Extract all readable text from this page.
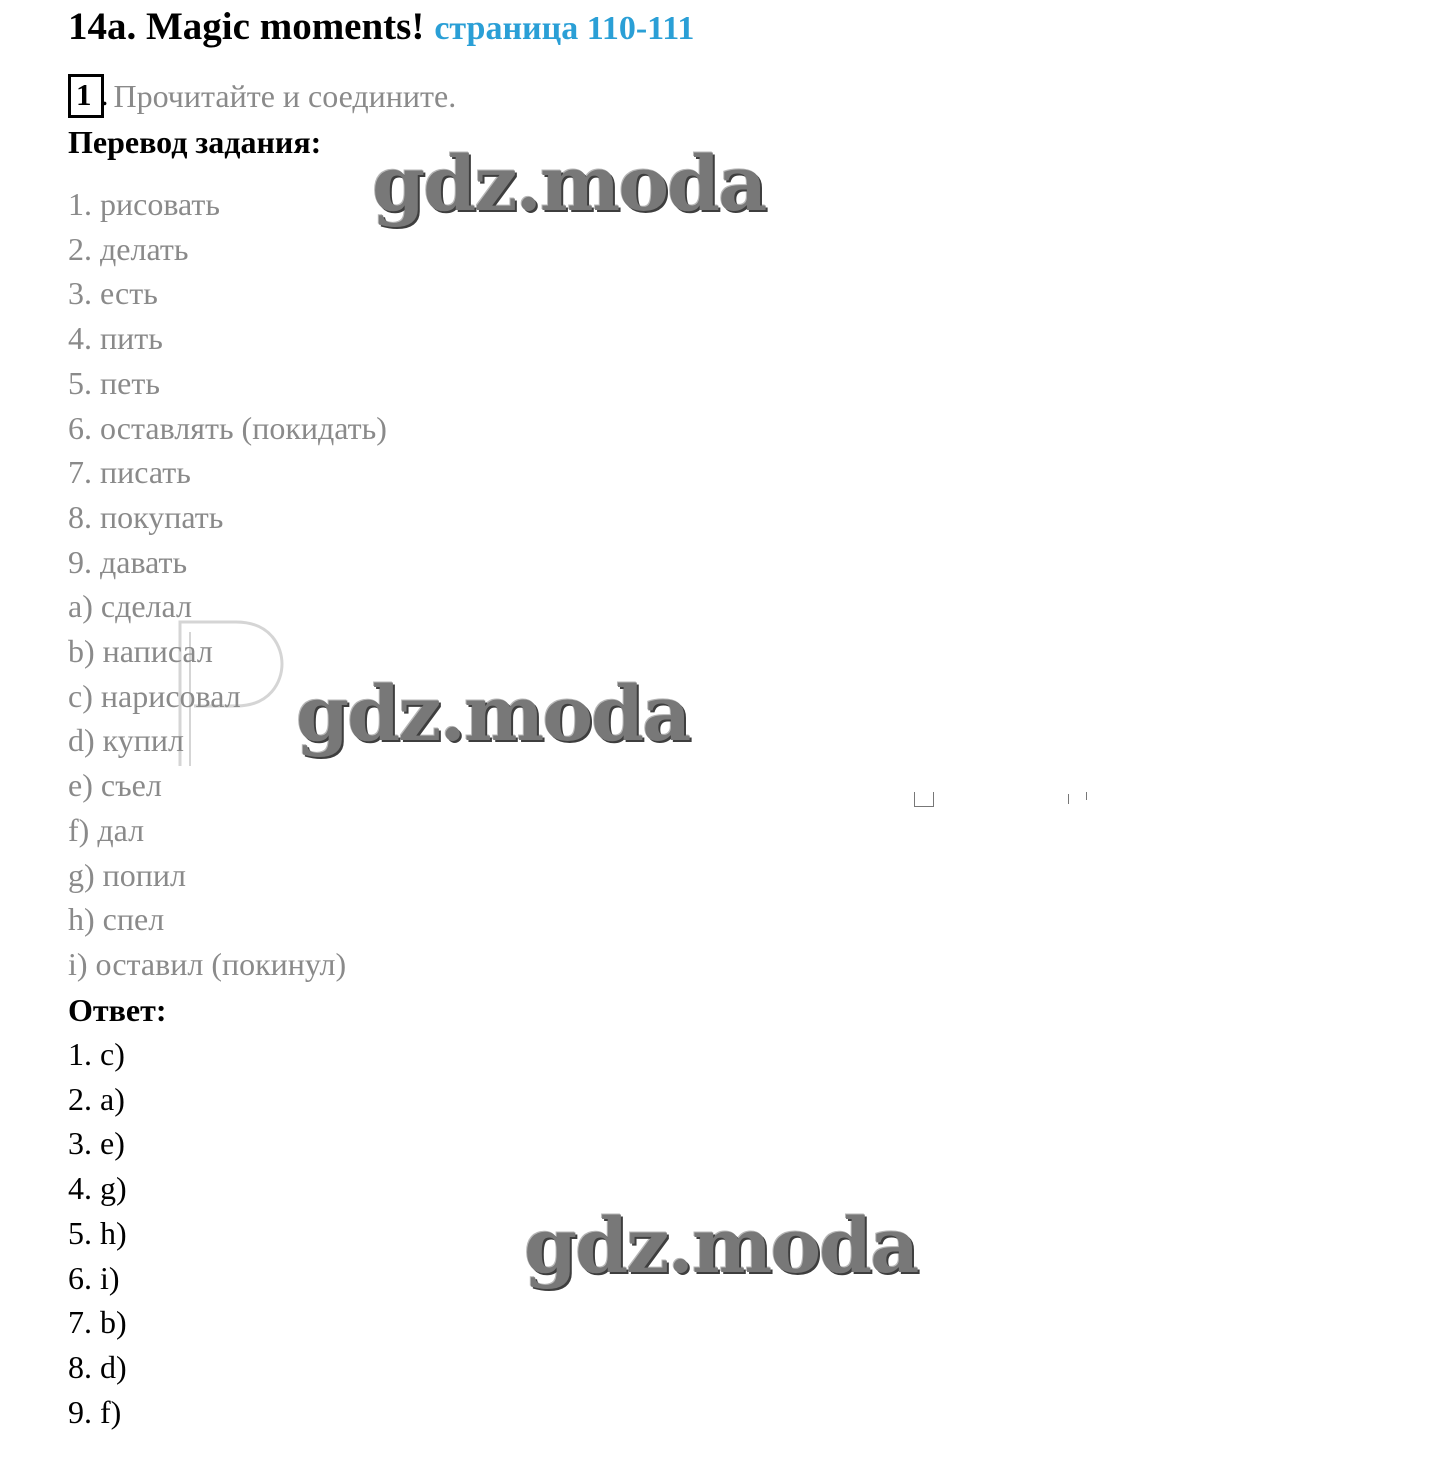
14a. Magic moments! страница 110-111
1 . Прочитайте и соедините.
Перевод задания:
1. рисовать
2. делать
3. есть
4. пить
5. петь
6. оставлять (покидать)
7. писать
8. покупать
9. давать
a) сделал
b) написал
c) нарисовал
d) купил
e) съел
f) дал
g) попил
h) спел
i) оставил (покинул)
Ответ:
1. c)
2. a)
3. e)
4. g)
5. h)
6. i)
7. b)
8. d)
9. f)
gdz.moda
gdz.moda
gdz.moda
